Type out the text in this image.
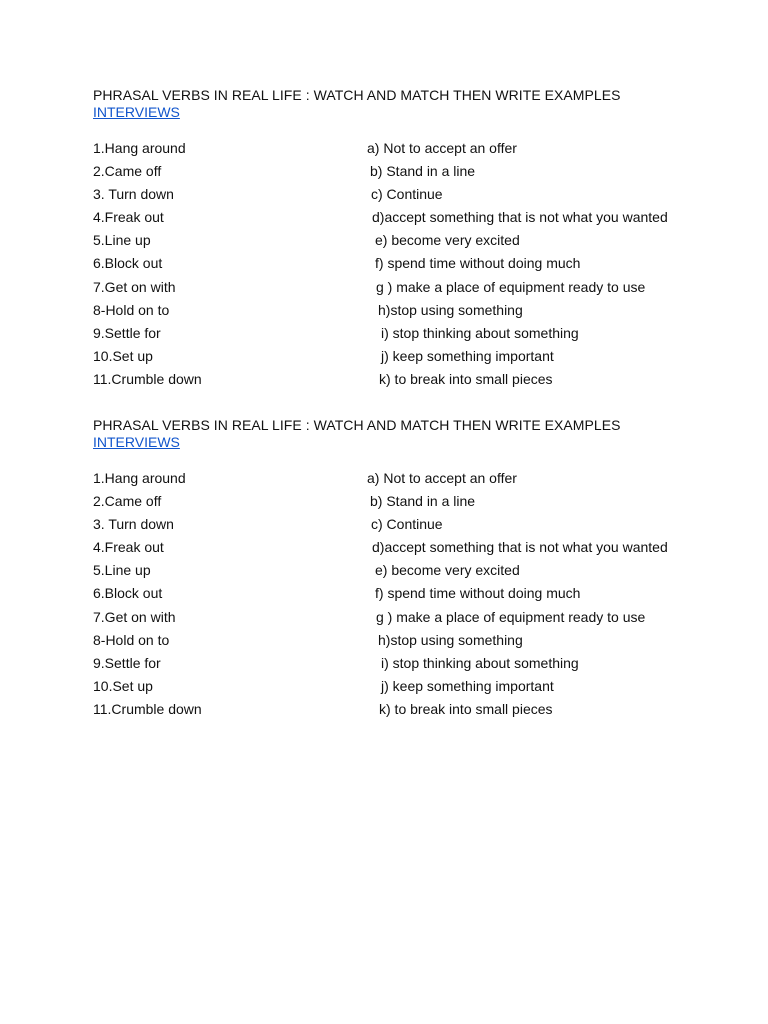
PHRASAL VERBS IN REAL LIFE : WATCH AND MATCH THEN WRITE EXAMPLES

INTERVIEWS
1.Hang around	a) Not to accept an offer
2.Came off	b) Stand in a line
3. Turn down	c) Continue
4.Freak out	d)accept something that is not what you wanted
5.Line up	e) become very excited
6.Block out	f) spend time without doing much
7.Get on with	g ) make a place of equipment ready to use
8-Hold on to	h)stop using something
9.Settle for	i) stop thinking about something
10.Set up	j) keep something important
11.Crumble down	k) to break into small pieces

PHRASAL VERBS IN REAL LIFE : WATCH AND MATCH THEN WRITE EXAMPLES

INTERVIEWS
1.Hang around	a) Not to accept an offer
2.Came off	b) Stand in a line
3. Turn down	c) Continue
4.Freak out	d)accept something that is not what you wanted
5.Line up	e) become very excited
6.Block out	f) spend time without doing much
7.Get on with	g ) make a place of equipment ready to use
8-Hold on to	h)stop using something
9.Settle for	i) stop thinking about something
10.Set up	j) keep something important
11.Crumble down	k) to break into small pieces
